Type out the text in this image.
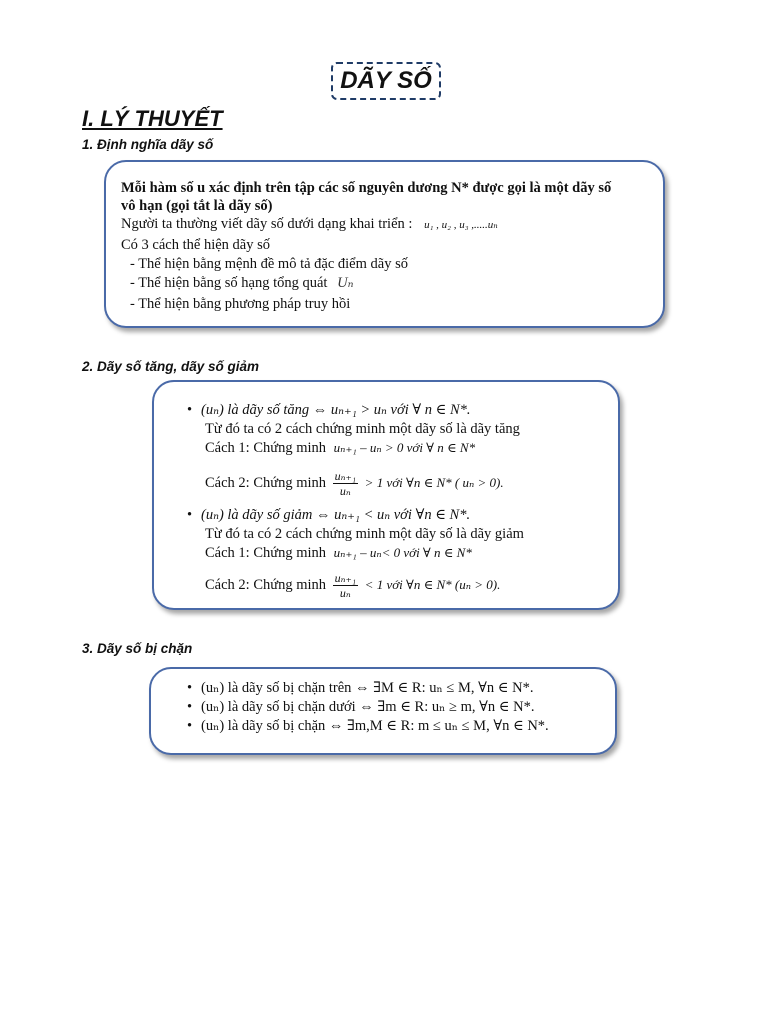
DÃY SỐ
I. LÝ THUYẾT
1. Định nghĩa dãy số
Mỗi hàm số u xác định trên tập các số nguyên dương N* được gọi là một dãy số
vô hạn (gọi tắt là dãy số)
Người ta thường viết dãy số dưới dạng khai triển : u₁ , u₂ , u₃ ,.....uₙ
Có 3 cách thể hiện dãy số
- Thể hiện bằng mệnh đề mô tả đặc điểm dãy số
- Thể hiện bằng số hạng tổng quát Uₙ
- Thể hiện bằng phương pháp truy hồi
2. Dãy số tăng, dãy số giảm
• (uₙ) là dãy số tăng ⇔ uₙ₊₁ > uₙ với ∀ n ∈ N*.
Từ đó ta có 2 cách chứng minh một dãy số là dãy tăng
Cách 1: Chứng minh uₙ₊₁ – uₙ > 0 với ∀ n ∈ N*
Cách 2: Chứng minh $\frac{\text{uₙ₊₁}}{\text{uₙ}} > 1$ với ∀n ∈ N* ( uₙ > 0).
• (uₙ) là dãy số giảm ⇔ uₙ₊₁ < uₙ với ∀n ∈ N*.
Từ đó ta có 2 cách chứng minh một dãy số là dãy giảm
Cách 1: Chứng minh uₙ₊₁ – uₙ< 0 với ∀ n ∈ N*
Cách 2: Chứng minh $\frac{\text{uₙ₊₁}}{\text{uₙ}} < 1$ với ∀n ∈ N* (uₙ > 0).
3. Dãy số bị chặn
• (uₙ) là dãy số bị chặn trên ⇔ ∃M ∈ R: uₙ ≤ M, ∀n ∈ N*.
• (uₙ) là dãy số bị chặn dưới ⇔ ∃m ∈ R: uₙ ≥ m, ∀n ∈ N*.
• (uₙ) là dãy số bị chặn ⇔ ∃m,M ∈ R: m ≤ uₙ ≤ M, ∀n ∈ N*.
